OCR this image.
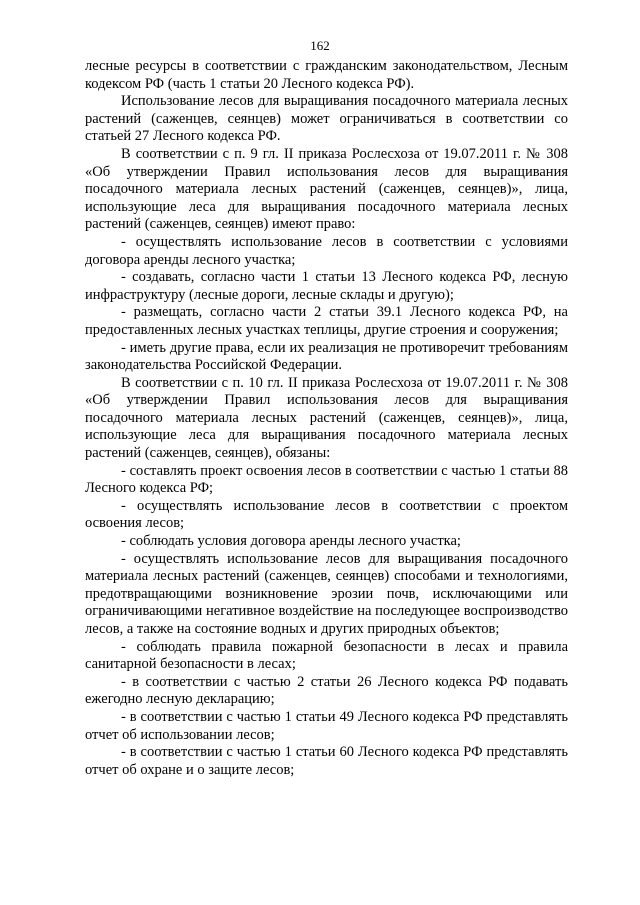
162

лесные ресурсы в соответствии с гражданским законодательством, Лесным кодексом РФ (часть 1 статьи 20 Лесного кодекса РФ).

Использование лесов для выращивания посадочного материала лесных растений (саженцев, сеянцев) может ограничиваться в соответствии со статьей 27 Лесного кодекса РФ.

В соответствии с п. 9 гл. II приказа Рослесхоза от 19.07.2011 г. № 308 «Об утверждении Правил использования лесов для выращивания посадочного материала лесных растений (саженцев, сеянцев)», лица, использующие леса для выращивания посадочного материала лесных растений (саженцев, сеянцев) имеют право:

- осуществлять использование лесов в соответствии с условиями договора аренды лесного участка;

- создавать, согласно части 1 статьи 13 Лесного кодекса РФ, лесную инфраструктуру (лесные дороги, лесные склады и другую);

- размещать, согласно части 2 статьи 39.1 Лесного кодекса РФ, на предоставленных лесных участках теплицы, другие строения и сооружения;

- иметь другие права, если их реализация не противоречит требованиям законодательства Российской Федерации.

В соответствии с п. 10 гл. II приказа Рослесхоза от 19.07.2011 г. № 308 «Об утверждении Правил использования лесов для выращивания посадочного материала лесных растений (саженцев, сеянцев)», лица, использующие леса для выращивания посадочного материала лесных растений (саженцев, сеянцев), обязаны:

- составлять проект освоения лесов в соответствии с частью 1 статьи 88 Лесного кодекса РФ;

- осуществлять использование лесов в соответствии с проектом освоения лесов;

- соблюдать условия договора аренды лесного участка;

- осуществлять использование лесов для выращивания посадочного материала лесных растений (саженцев, сеянцев) способами и технологиями, предотвращающими возникновение эрозии почв, исключающими или ограничивающими негативное воздействие на последующее воспроизводство лесов, а также на состояние водных и других природных объектов;

- соблюдать правила пожарной безопасности в лесах и правила санитарной безопасности в лесах;

- в соответствии с частью 2 статьи 26 Лесного кодекса РФ подавать ежегодно лесную декларацию;

- в соответствии с частью 1 статьи 49 Лесного кодекса РФ представлять отчет об использовании лесов;

- в соответствии с частью 1 статьи 60 Лесного кодекса РФ представлять отчет об охране и о защите лесов;
